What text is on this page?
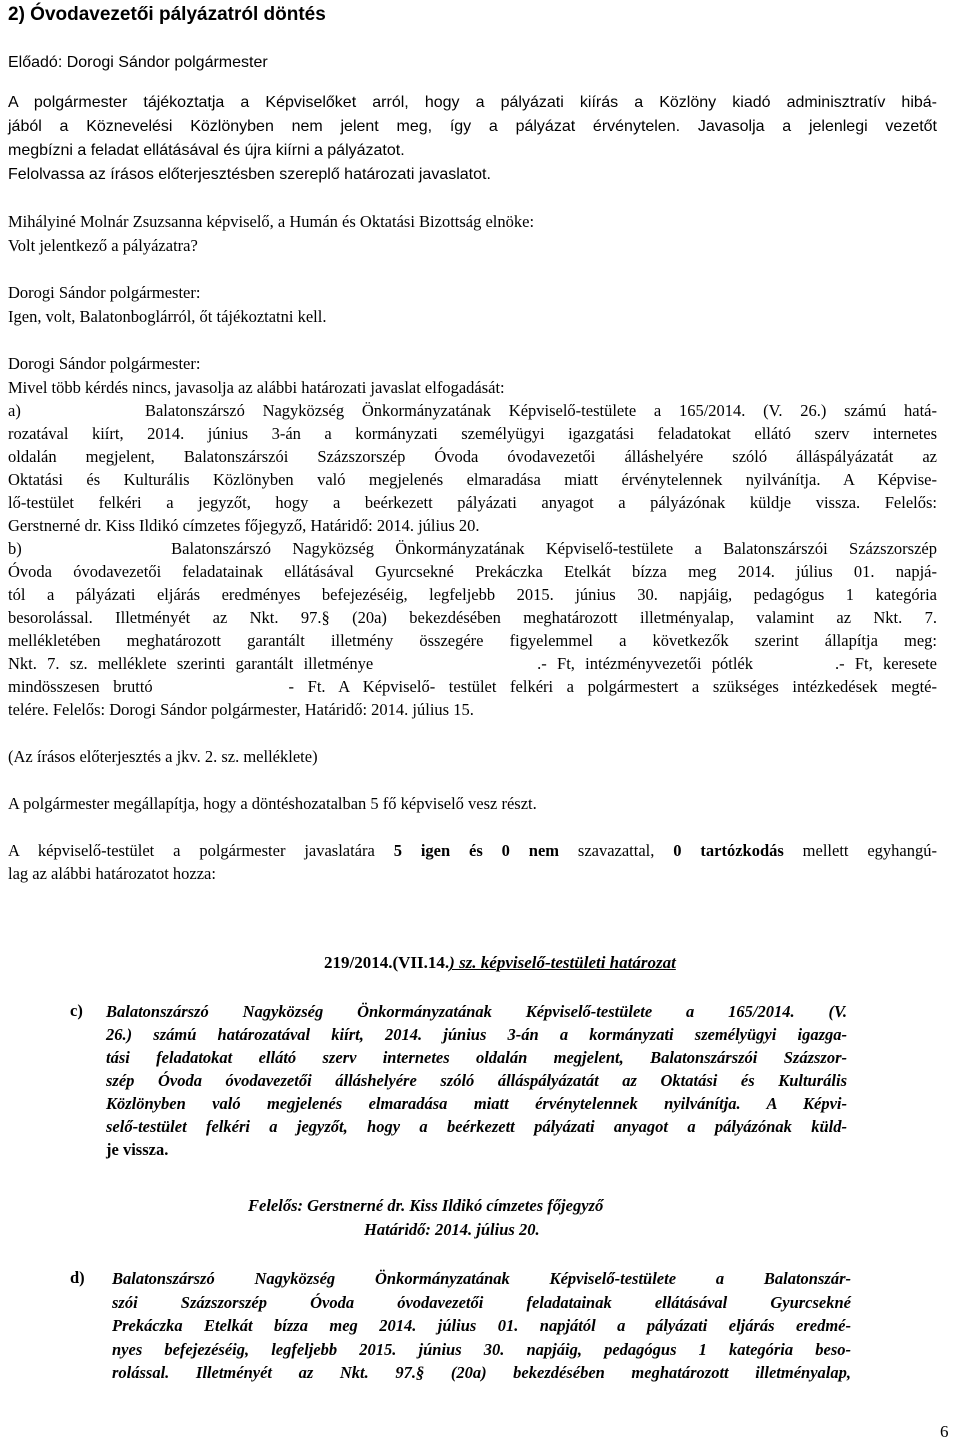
2) Óvodavezetői pályázatról döntés
Előadó: Dorogi Sándor polgármester
A polgármester tájékoztatja a Képviselőket arról, hogy a pályázati kiírás a Közlöny kiadó adminisztratív hibá-
jából a Köznevelési Közlönyben nem jelent meg, így a pályázat érvénytelen. Javasolja a jelenlegi vezetőt
megbízni a feladat ellátásával és újra kiírni a pályázatot.
Felolvassa az írásos előterjesztésben szereplő határozati javaslatot.
Mihályiné Molnár Zsuzsanna képviselő, a Humán és Oktatási Bizottság elnöke:
Volt jelentkező a pályázatra?
Dorogi Sándor polgármester:
Igen, volt, Balatonboglárról, őt tájékoztatni kell.
Dorogi Sándor polgármester:
Mivel több kérdés nincs, javasolja az alábbi határozati javaslat elfogadását:
a)       Balatonszárszó Nagyközség Önkormányzatának Képviselő-testülete a 165/2014. (V. 26.) számú hatá-
rozatával kiírt, 2014. június 3-án a kormányzati személyügyi igazgatási feladatokat ellátó szerv internetes
oldalán megjelent, Balatonszárszói Százszorszép Óvoda óvodavezetői álláshelyére szóló álláspályázatát az
Oktatási és Kulturális Közlönyben való megjelenés elmaradása miatt érvénytelennek nyilvánítja. A Képvise-
lő-testület felkéri a jegyzőt, hogy a beérkezett pályázati anyagot a pályázónak küldje vissza. Felelős:
Gerstnerné dr. Kiss Ildikó címzetes főjegyző, Határidő: 2014. július 20.
b)       Balatonszárszó Nagyközség Önkormányzatának Képviselő-testülete a Balatonszárszói Százszorszép
Óvoda óvodavezetői feladatainak ellátásával Gyurcsekné Prekáczka Etelkát bízza meg 2014. július 01. napjá-
tól a pályázati eljárás eredményes befejezéséig, legfeljebb 2015. június 30. napjáig, pedagógus 1 kategória
besorolással. Illetményét az Nkt. 97.§ (20a) bekezdésében meghatározott illetményalap, valamint az Nkt. 7.
mellékletében meghatározott garantált illetmény összegére figyelemmel a következők szerint állapítja meg:
Nkt. 7. sz. melléklete szerinti garantált illetménye                .- Ft, intézményvezetői pótlék        .- Ft, keresete
mindösszesen bruttó          - Ft. A Képviselő- testület felkéri a polgármestert a szükséges intézkedések megté-
telére. Felelős: Dorogi Sándor polgármester, Határidő: 2014. július 15.
(Az írásos előterjesztés a jkv. 2. sz. melléklete)
A polgármester megállapítja, hogy a döntéshozatalban 5 fő képviselő vesz részt.
A képviselő-testület a polgármester javaslatára 5 igen és 0 nem szavazattal, 0 tartózkodás mellett egyhangú-
lag az alábbi határozatot hozza:
219/2014.(VII.14.) sz. képviselő-testületi határozat
c) Balatonszárszó Nagyközség Önkormányzatának Képviselő-testülete a 165/2014. (V.
26.) számú határozatával kiírt, 2014. június 3-án a kormányzati személyügyi igazga-
tási feladatokat ellátó szerv internetes oldalán megjelent, Balatonszárszói Százszor-
szép Óvoda óvodavezetői álláshelyére szóló álláspályázatát az Oktatási és Kulturális
Közlönyben való megjelenés elmaradása miatt érvénytelennek nyilvánítja. A Képvi-
selő-testület felkéri a jegyzőt, hogy a beérkezett pályázati anyagot a pályázónak küld-
je vissza.
Felelős: Gerstnerné dr. Kiss Ildikó címzetes főjegyző
Határidő: 2014. július 20.
d) Balatonszárszó Nagyközség Önkormányzatának Képviselő-testülete a Balatonszár-
szói Százszorszép Óvoda óvodavezetői feladatainak ellátásával Gyurcsekné
Prekáczka Etelkát bízza meg 2014. július 01. napjától a pályázati eljárás eredmé-
nyes befejezéséig, legfeljebb 2015. június 30. napjáig, pedagógus 1 kategória beso-
rolással. Illetményét az Nkt. 97.§ (20a) bekezdésében meghatározott illetményalap,
6
